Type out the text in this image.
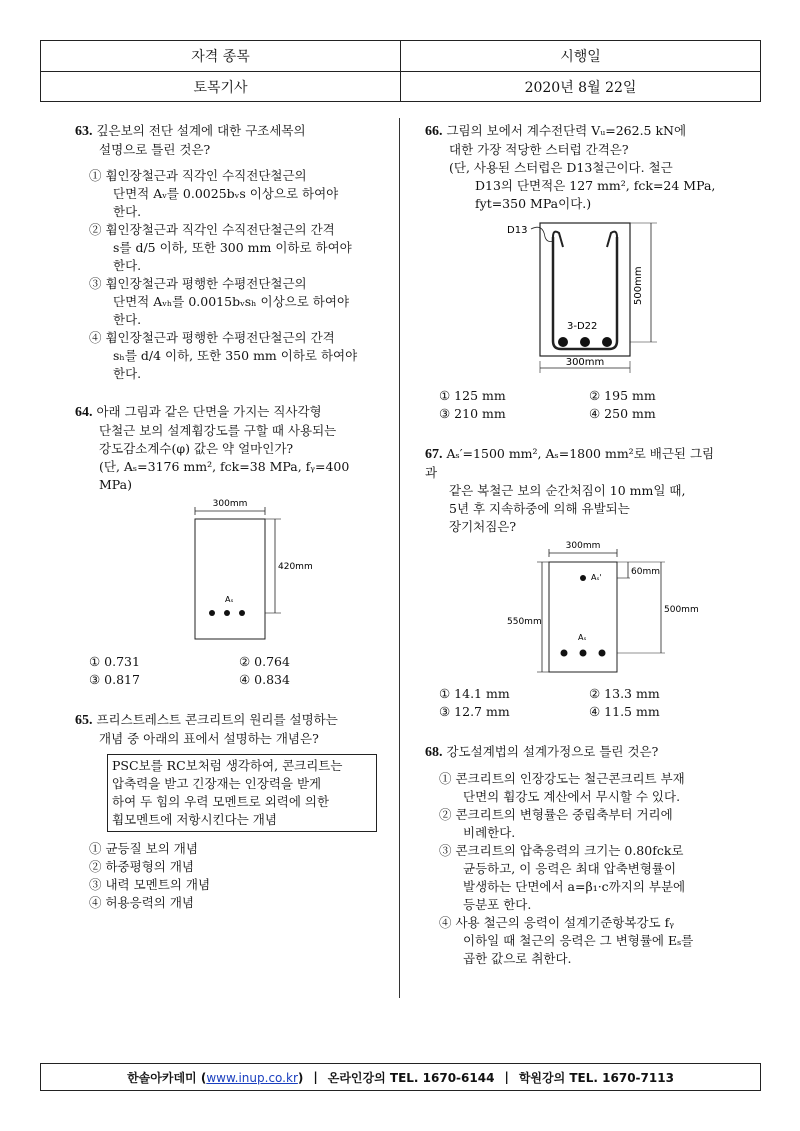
자격 종목	시행일
토목기사	2020년 8월 22일
63. 깊은보의 전단 설계에 대한 구조세목의
설명으로 틀린 것은?
① 휨인장철근과 직각인 수직전단철근의
단면적 Aᵥ를 0.0025bᵥs 이상으로 하여야
한다.
② 휨인장철근과 직각인 수직전단철근의 간격
s를 d/5 이하, 또한 300 mm 이하로 하여야
한다.
③ 휨인장철근과 평행한 수평전단철근의
단면적 Aᵥₕ를 0.0015bᵥsₕ 이상으로 하여야
한다.
④ 휨인장철근과 평행한 수평전단철근의 간격
sₕ를 d/4 이하, 또한 350 mm 이하로 하여야
한다.
64. 아래 그림과 같은 단면을 가지는 직사각형
단철근 보의 설계휨강도를 구할 때 사용되는
강도감소계수(φ) 값은 약 얼마인가?
(단, Aₛ=3176 mm², fck=38 MPa, fᵧ=400 MPa)
300mm
420mm
Aₛ
① 0.731	② 0.764
③ 0.817	④ 0.834
65. 프리스트레스트 콘크리트의 원리를 설명하는
개념 중 아래의 표에서 설명하는 개념은?
PSC보를 RC보처럼 생각하여, 콘크리트는
압축력을 받고 긴장재는 인장력을 받게
하여 두 힘의 우력 모멘트로 외력에 의한
휨모멘트에 저항시킨다는 개념
① 균등질 보의 개념
② 하중평형의 개념
③ 내력 모멘트의 개념
④ 허용응력의 개념
66. 그림의 보에서 계수전단력 Vᵤ=262.5 kN에
대한 가장 적당한 스터럽 간격은?
(단, 사용된 스터럽은 D13철근이다. 철근
D13의 단면적은 127 mm², fck=24 MPa,
fyt=350 MPa이다.)
D13
3-D22
500mm
300mm
① 125 mm	② 195 mm
③ 210 mm	④ 250 mm
67. Aₛ′=1500 mm², Aₛ=1800 mm²로 배근된 그림과
같은 복철근 보의 순간처짐이 10 mm일 때,
5년 후 지속하중에 의해 유발되는
장기처짐은?
300mm
550mm
Aₛ'
60mm
Aₛ
500mm
① 14.1 mm	② 13.3 mm
③ 12.7 mm	④ 11.5 mm
68. 강도설계법의 설계가정으로 틀린 것은?
① 콘크리트의 인장강도는 철근콘크리트 부재
단면의 휨강도 계산에서 무시할 수 있다.
② 콘크리트의 변형률은 중립축부터 거리에
비례한다.
③ 콘크리트의 압축응력의 크기는 0.80fck로
균등하고, 이 응력은 최대 압축변형률이
발생하는 단면에서 a=β₁·c까지의 부분에
등분포 한다.
④ 사용 철근의 응력이 설계기준항복강도 fᵧ
이하일 때 철근의 응력은 그 변형률에 Eₛ를
곱한 값으로 취한다.
한솔아카데미 (www.inup.co.kr) | 온라인강의 TEL. 1670-6144 | 학원강의 TEL. 1670-7113
